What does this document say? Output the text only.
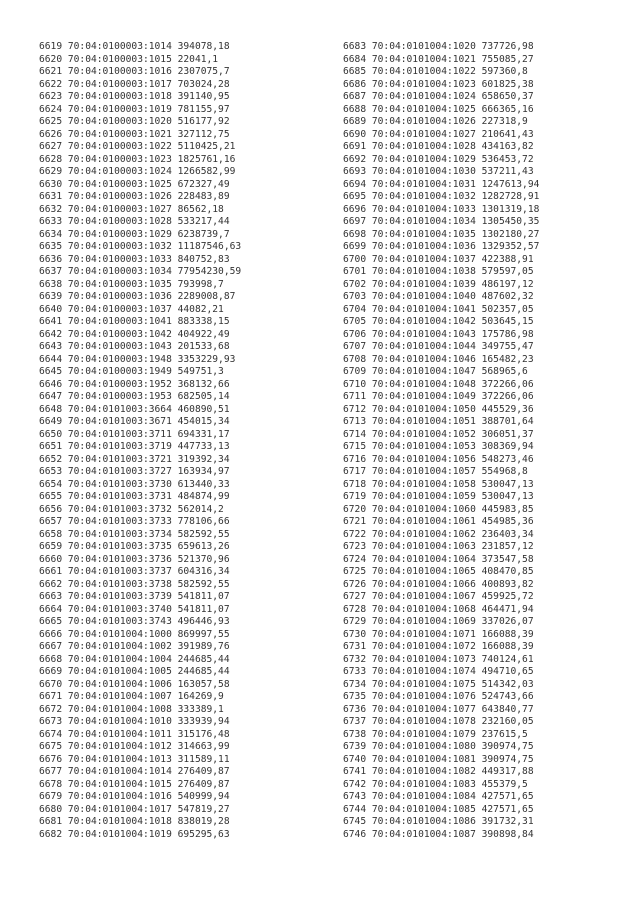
6619 70:04:0100003:1014 394078,18
6620 70:04:0100003:1015 22041,1
6621 70:04:0100003:1016 2307075,7
6622 70:04:0100003:1017 703024,28
6623 70:04:0100003:1018 391140,95
6624 70:04:0100003:1019 781155,97
6625 70:04:0100003:1020 516177,92
6626 70:04:0100003:1021 327112,75
6627 70:04:0100003:1022 5110425,21
6628 70:04:0100003:1023 1825761,16
6629 70:04:0100003:1024 1266582,99
6630 70:04:0100003:1025 672327,49
6631 70:04:0100003:1026 228483,89
6632 70:04:0100003:1027 86562,18
6633 70:04:0100003:1028 533217,44
6634 70:04:0100003:1029 6238739,7
6635 70:04:0100003:1032 11187546,63
6636 70:04:0100003:1033 840752,83
6637 70:04:0100003:1034 77954230,59
6638 70:04:0100003:1035 793998,7
6639 70:04:0100003:1036 2289008,87
6640 70:04:0100003:1037 44082,21
6641 70:04:0100003:1041 883338,15
6642 70:04:0100003:1042 404922,49
6643 70:04:0100003:1043 201533,68
6644 70:04:0100003:1948 3353229,93
6645 70:04:0100003:1949 549751,3
6646 70:04:0100003:1952 368132,66
6647 70:04:0100003:1953 682505,14
6648 70:04:0101003:3664 460890,51
6649 70:04:0101003:3671 454015,34
6650 70:04:0101003:3711 694331,17
6651 70:04:0101003:3719 447733,13
6652 70:04:0101003:3721 319392,34
6653 70:04:0101003:3727 163934,97
6654 70:04:0101003:3730 613440,33
6655 70:04:0101003:3731 484874,99
6656 70:04:0101003:3732 562014,2
6657 70:04:0101003:3733 778106,66
6658 70:04:0101003:3734 582592,55
6659 70:04:0101003:3735 659613,26
6660 70:04:0101003:3736 521370,96
6661 70:04:0101003:3737 604316,34
6662 70:04:0101003:3738 582592,55
6663 70:04:0101003:3739 541811,07
6664 70:04:0101003:3740 541811,07
6665 70:04:0101003:3743 496446,93
6666 70:04:0101004:1000 869997,55
6667 70:04:0101004:1002 391989,76
6668 70:04:0101004:1004 244685,44
6669 70:04:0101004:1005 244685,44
6670 70:04:0101004:1006 163057,58
6671 70:04:0101004:1007 164269,9
6672 70:04:0101004:1008 333389,1
6673 70:04:0101004:1010 333939,94
6674 70:04:0101004:1011 315176,48
6675 70:04:0101004:1012 314663,99
6676 70:04:0101004:1013 311589,11
6677 70:04:0101004:1014 276409,87
6678 70:04:0101004:1015 276409,87
6679 70:04:0101004:1016 540999,94
6680 70:04:0101004:1017 547819,27
6681 70:04:0101004:1018 838019,28
6682 70:04:0101004:1019 695295,63
6683 70:04:0101004:1020 737726,98
6684 70:04:0101004:1021 755085,27
6685 70:04:0101004:1022 597360,8
6686 70:04:0101004:1023 601825,38
6687 70:04:0101004:1024 658650,37
6688 70:04:0101004:1025 666365,16
6689 70:04:0101004:1026 227318,9
6690 70:04:0101004:1027 210641,43
6691 70:04:0101004:1028 434163,82
6692 70:04:0101004:1029 536453,72
6693 70:04:0101004:1030 537211,43
6694 70:04:0101004:1031 1247613,94
6695 70:04:0101004:1032 1282728,91
6696 70:04:0101004:1033 1301319,18
6697 70:04:0101004:1034 1305450,35
6698 70:04:0101004:1035 1302180,27
6699 70:04:0101004:1036 1329352,57
6700 70:04:0101004:1037 422388,91
6701 70:04:0101004:1038 579597,05
6702 70:04:0101004:1039 486197,12
6703 70:04:0101004:1040 487602,32
6704 70:04:0101004:1041 502357,05
6705 70:04:0101004:1042 503645,15
6706 70:04:0101004:1043 175786,98
6707 70:04:0101004:1044 349755,47
6708 70:04:0101004:1046 165482,23
6709 70:04:0101004:1047 568965,6
6710 70:04:0101004:1048 372266,06
6711 70:04:0101004:1049 372266,06
6712 70:04:0101004:1050 445529,36
6713 70:04:0101004:1051 388701,64
6714 70:04:0101004:1052 306051,37
6715 70:04:0101004:1053 308369,94
6716 70:04:0101004:1056 548273,46
6717 70:04:0101004:1057 554968,8
6718 70:04:0101004:1058 530047,13
6719 70:04:0101004:1059 530047,13
6720 70:04:0101004:1060 445983,85
6721 70:04:0101004:1061 454985,36
6722 70:04:0101004:1062 236403,34
6723 70:04:0101004:1063 231857,12
6724 70:04:0101004:1064 373547,58
6725 70:04:0101004:1065 408470,85
6726 70:04:0101004:1066 400893,82
6727 70:04:0101004:1067 459925,72
6728 70:04:0101004:1068 464471,94
6729 70:04:0101004:1069 337026,07
6730 70:04:0101004:1071 166088,39
6731 70:04:0101004:1072 166088,39
6732 70:04:0101004:1073 740124,61
6733 70:04:0101004:1074 494710,65
6734 70:04:0101004:1075 514342,03
6735 70:04:0101004:1076 524743,66
6736 70:04:0101004:1077 643840,77
6737 70:04:0101004:1078 232160,05
6738 70:04:0101004:1079 237615,5
6739 70:04:0101004:1080 390974,75
6740 70:04:0101004:1081 390974,75
6741 70:04:0101004:1082 449317,88
6742 70:04:0101004:1083 455379,5
6743 70:04:0101004:1084 427571,65
6744 70:04:0101004:1085 427571,65
6745 70:04:0101004:1086 391732,31
6746 70:04:0101004:1087 390898,84
